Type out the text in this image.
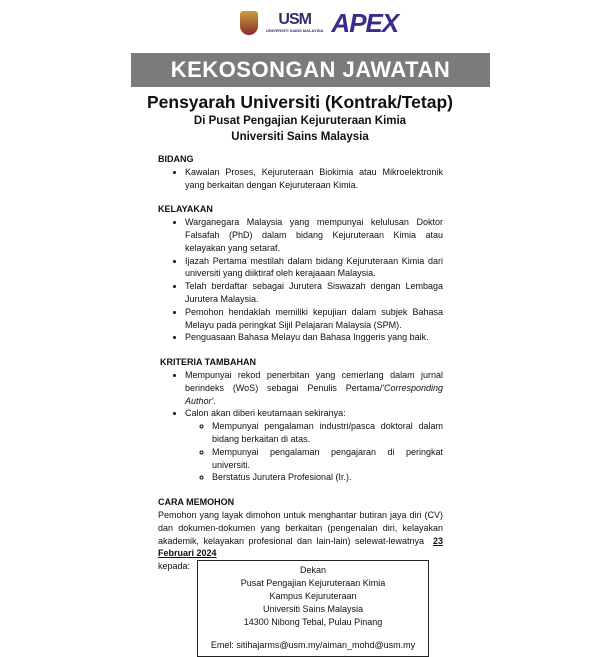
USM
UNIVERSITI SAINS MALAYSIA APEX
KEKOSONGAN JAWATAN
Pensyarah Universiti (Kontrak/Tetap)
Di Pusat Pengajian Kejuruteraan Kimia
Universiti Sains Malaysia
BIDANG
• Kawalan Proses, Kejuruteraan Biokimia atau Mikroelektronik yang berkaitan dengan Kejuruteraan Kimia.
KELAYAKAN
• Warganegara Malaysia yang mempunyai kelulusan Doktor Falsafah (PhD) dalam bidang Kejuruteraan Kimia atau kelayakan yang setaraf.
• Ijazah Pertama mestilah dalam bidang Kejuruteraan Kimia dari universiti yang diiktiraf oleh kerajaaan Malaysia.
• Telah berdaftar sebagai Jurutera Siswazah dengan Lembaga Jurutera Malaysia.
• Pemohon hendaklah memiliki kepujian dalam subjek Bahasa Melayu pada peringkat Sijil Pelajaran Malaysia (SPM).
• Penguasaan Bahasa Melayu dan Bahasa Inggeris yang baik.
KRITERIA TAMBAHAN
• Mempunyai rekod penerbitan yang cemerlang dalam jurnal berindeks (WoS) sebagai Penulis Pertama/'Corresponding Author'.
• Calon akan diberi keutamaan sekiranya:
◦ Mempunyai pengalaman industri/pasca doktoral dalam bidang berkaitan di atas.
◦ Mempunyai pengalaman pengajaran di peringkat universiti.
◦ Berstatus Jurutera Profesional (Ir.).
CARA MEMOHON

Pemohon yang layak dimohon untuk menghantar butiran jaya diri (CV) dan dokumen-dokumen yang berkaitan (pengenalan diri, kelayakan akademik, kelayakan profesional dan lain-lain) selewat-lewatnya 23 Februari 2024

kepada:	Dekan
Pusat Pengajian Kejuruteraan Kimia
Kampus Kejuruteraan
Universiti Sains Malaysia
14300 Nibong Tebal, Pulau Pinang
Emel: sitihajarms@usm.my/aiman_mohd@usm.my
